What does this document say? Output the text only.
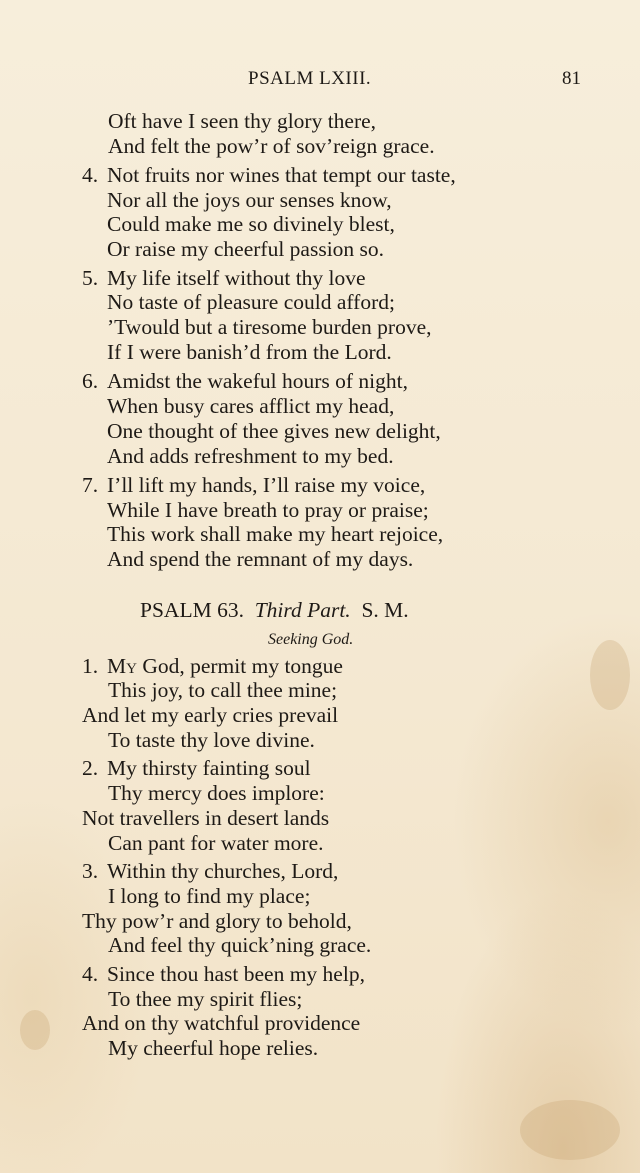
PSALM LXIII.	81
Oft have I seen thy glory there,
And felt the pow’r of sov’reign grace.
4. Not fruits nor wines that tempt our taste,
Nor all the joys our senses know,
Could make me so divinely blest,
Or raise my cheerful passion so.
5. My life itself without thy love
No taste of pleasure could afford;
’Twould but a tiresome burden prove,
If I were banish’d from the Lord.
6. Amidst the wakeful hours of night,
When busy cares afflict my head,
One thought of thee gives new delight,
And adds refreshment to my bed.
7. I’ll lift my hands, I’ll raise my voice,
While I have breath to pray or praise;
This work shall make my heart rejoice,
And spend the remnant of my days.
PSALM 63. Third Part. S. M.
Seeking God.
1. My God, permit my tongue
This joy, to call thee mine;
And let my early cries prevail
To taste thy love divine.
2. My thirsty fainting soul
Thy mercy does implore:
Not travellers in desert lands
Can pant for water more.
3. Within thy churches, Lord,
I long to find my place;
Thy pow’r and glory to behold,
And feel thy quick’ning grace.
4. Since thou hast been my help,
To thee my spirit flies;
And on thy watchful providence
My cheerful hope relies.
